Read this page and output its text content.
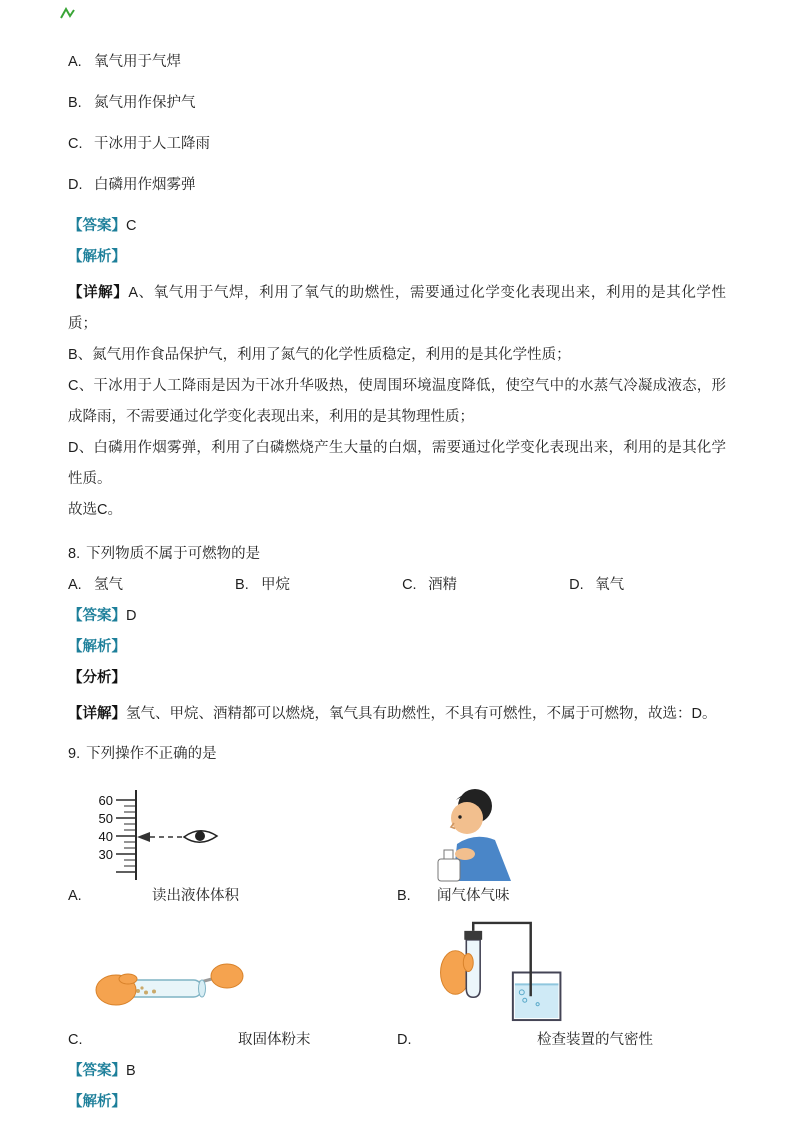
A. 氧气用于气焊
B. 氮气用作保护气
C. 干冰用于人工降雨
D. 白磷用作烟雾弹
【答案】C
【解析】

【详解】A、氧气用于气焊，利用了氧气的助燃性，需要通过化学变化表现出来，利用的是其化学性质；

B、氮气用作食品保护气，利用了氮气的化学性质稳定，利用的是其化学性质；

C、干冰用于人工降雨是因为干冰升华吸热，使周围环境温度降低，使空气中的水蒸气冷凝成液态，形成降雨，不需要通过化学变化表现出来，利用的是其物理性质；

D、白磷用作烟雾弹，利用了白磷燃烧产生大量的白烟，需要通过化学变化表现出来，利用的是其化学性质。

故选C。

8. 下列物质不属于可燃物的是
A. 氢气	B. 甲烷	C. 酒精	D. 氧气
【答案】D
【解析】
【分析】

【详解】氢气、甲烷、酒精都可以燃烧，氧气具有助燃性，不具有可燃性，不属于可燃物，故选：D。

9. 下列操作不正确的是
60
50
40
30
A.	读出液体体积	B.	闻气体气味
C.	取固体粉末	D.	检查装置的气密性
【答案】B
【解析】
